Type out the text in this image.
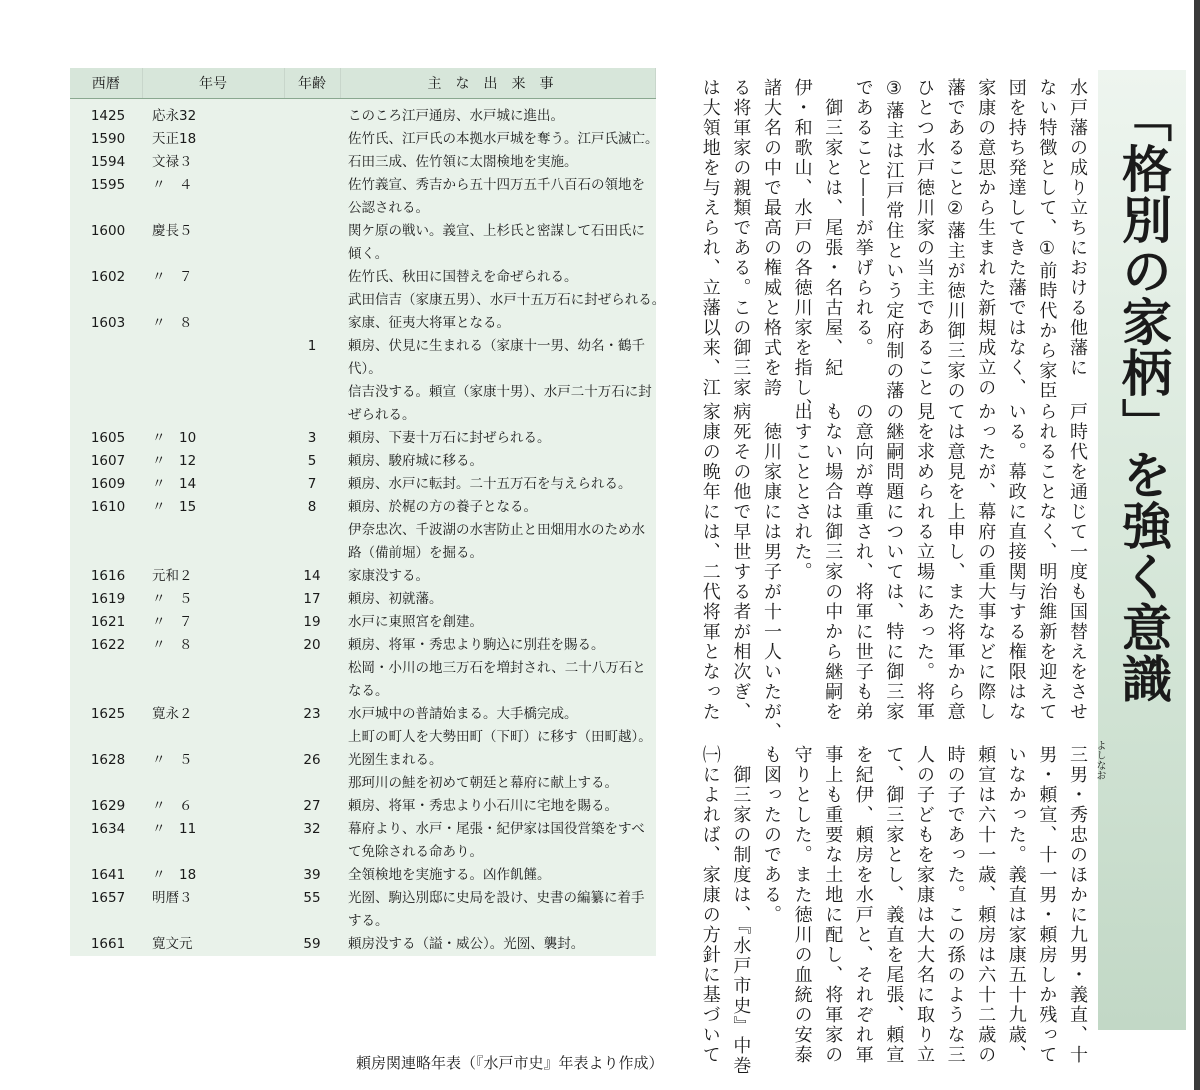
西暦	年号	年齢	主な出来事

1425	応永32		このころ江戸通房、水戸城に進出。
1590	天正18		佐竹氏、江戸氏の本拠水戸城を奪う。江戸氏滅亡。
1594	文禄３		石田三成、佐竹領に太閤検地を実施。
1595	〃　４		佐竹義宣、秀吉から五十四万五千八百石の領地を
			公認される。
1600	慶長５		関ケ原の戦い。義宣、上杉氏と密謀して石田氏に
			傾く。
1602	〃　７		佐竹氏、秋田に国替えを命ぜられる。
			武田信吉（家康五男）、水戸十五万石に封ぜられる。
1603	〃　８		家康、征夷大将軍となる。
		1	頼房、伏見に生まれる（家康十一男、幼名・鶴千
			代）。
			信吉没する。頼宣（家康十男）、水戸二十万石に封
			ぜられる。
1605	〃　10	3	頼房、下妻十万石に封ぜられる。
1607	〃　12	5	頼房、駿府城に移る。
1609	〃　14	7	頼房、水戸に転封。二十五万石を与えられる。
1610	〃　15	8	頼房、於梶の方の養子となる。
			伊奈忠次、千波湖の水害防止と田畑用水のため水
			路（備前堀）を掘る。
1616	元和２	14	家康没する。
1619	〃　５	17	頼房、初就藩。
1621	〃　７	19	水戸に東照宮を創建。
1622	〃　８	20	頼房、将軍・秀忠より駒込に別荘を賜る。
			松岡・小川の地三万石を増封され、二十八万石と
			なる。
1625	寛永２	23	水戸城中の普請始まる。大手橋完成。
			上町の町人を大勢田町（下町）に移す（田町越）。
1628	〃　５	26	光圀生まれる。
			那珂川の鮭を初めて朝廷と幕府に献上する。
1629	〃　６	27	頼房、将軍・秀忠より小石川に宅地を賜る。
1634	〃　11	32	幕府より、水戸・尾張・紀伊家は国役営築をすべ
			て免除される命あり。
1641	〃　18	39	全領検地を実施する。凶作飢饉。
1657	明暦３	55	光圀、駒込別邸に史局を設け、史書の編纂に着手
			する。
1661	寛文元	59	頼房没する（謚・威公）。光圀、襲封。
頼房関連略年表（『水戸市史』年表より作成）
「格別の家柄」を強く意識
水戸藩の成り立ちにおける他藩に
ない特徴として、①前時代から家臣
団を持ち発達してきた藩ではなく、
家康の意思から生まれた新規成立の
藩であること②藩主が徳川御三家の
ひとつ水戸徳川家の当主であること
③藩主は江戸常住という定府制の藩
であること――が挙げられる。
　御三家とは、尾張・名古屋、紀
伊・和歌山、水戸の各徳川家を指し、
諸大名の中で最高の権威と格式を誇
る将軍家の親類である。この御三家
は大領地を与えられ、立藩以来、江
戸時代を通じて一度も国替えをさせ
られることなく、明治維新を迎えて
いる。幕政に直接関与する権限はな
かったが、幕府の重大事などに際し
ては意見を上申し、また将軍から意
見を求められる立場にあった。将軍
の継嗣問題については、特に御三家
の意向が尊重され、将軍に世子も弟
もない場合は御三家の中から継嗣を
出すこととされた。
　徳川家康には男子が十一人いたが、
病死その他で早世する者が相次ぎ、
家康の晩年には、二代将軍となった
三男・秀忠のほかに九男・義直、十
男・頼宣、十一男・頼房しか残って
いなかった。義直は家康五十九歳、
頼宣は六十一歳、頼房は六十二歳の
時の子であった。この孫のような三
人の子どもを家康は大大名に取り立
て、御三家とし、義直を尾張、頼宣
を紀伊、頼房を水戸と、それぞれ軍
事上も重要な土地に配し、将軍家の
守りとした。また徳川の血統の安泰
も図ったのである。
　御三家の制度は、『水戸市史』中巻
㈠によれば、家康の方針に基づいて	よしなお
